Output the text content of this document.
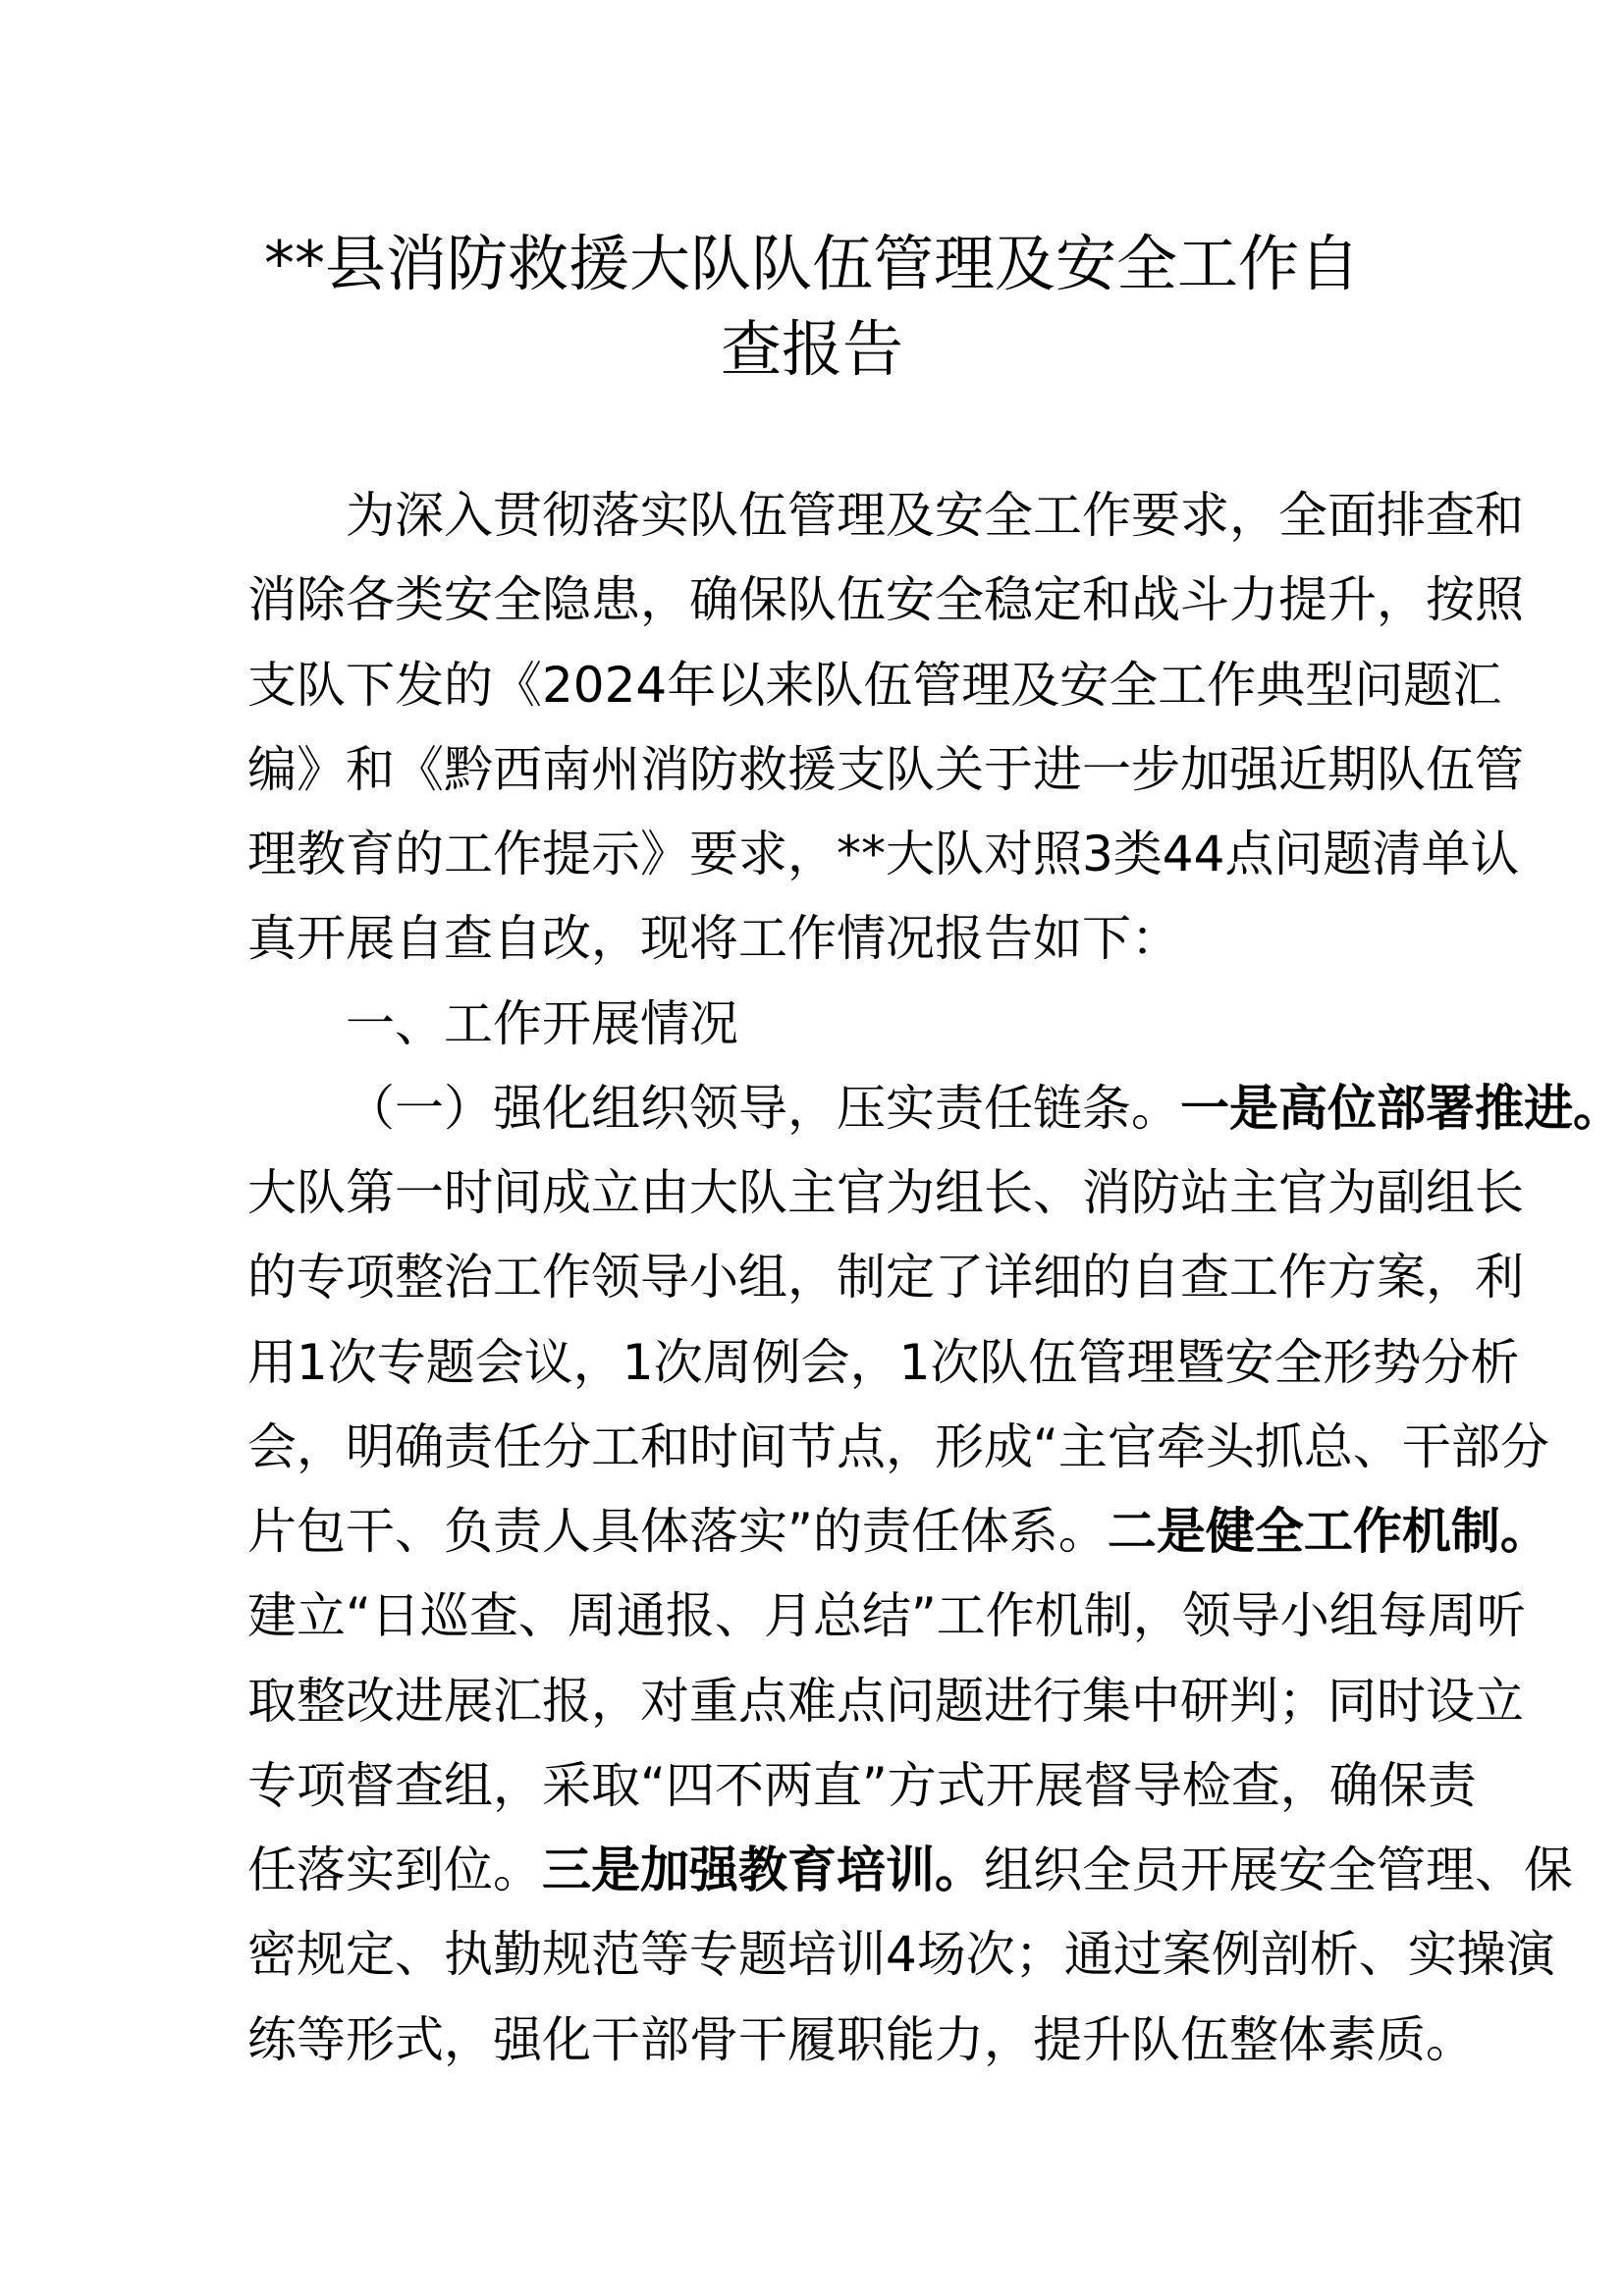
**县消防救援大队队伍管理及安全工作自
查报告
为深入贯彻落实队伍管理及安全工作要求，全面排查和
消除各类安全隐患，确保队伍安全稳定和战斗力提升，按照
支队下发的《2024年以来队伍管理及安全工作典型问题汇
编》和《黔西南州消防救援支队关于进一步加强近期队伍管
理教育的工作提示》要求，**大队对照3类44点问题清单认
真开展自查自改，现将工作情况报告如下：
一、工作开展情况
（一）强化组织领导，压实责任链条。一是高位部署推进。
大队第一时间成立由大队主官为组长、消防站主官为副组长
的专项整治工作领导小组，制定了详细的自查工作方案，利
用1次专题会议，1次周例会，1次队伍管理暨安全形势分析
会，明确责任分工和时间节点，形成“主官牵头抓总、干部分
片包干、负责人具体落实”的责任体系。二是健全工作机制。
建立“日巡查、周通报、月总结”工作机制，领导小组每周听
取整改进展汇报，对重点难点问题进行集中研判；同时设立
专项督查组，采取“四不两直”方式开展督导检查，确保责
任落实到位。三是加强教育培训。组织全员开展安全管理、保
密规定、执勤规范等专题培训4场次；通过案例剖析、实操演
练等形式，强化干部骨干履职能力，提升队伍整体素质。
